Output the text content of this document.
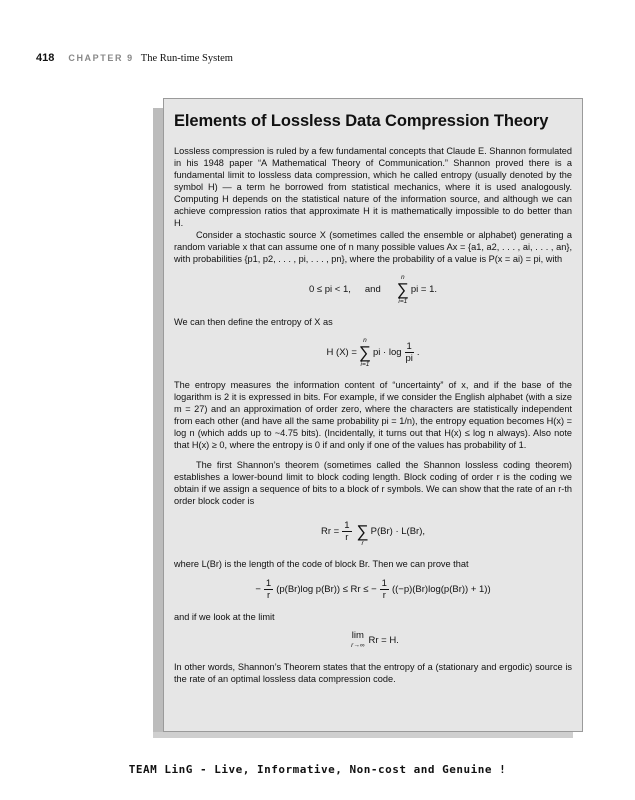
418 CHAPTER 9 The Run-time System
Elements of Lossless Data Compression Theory

Lossless compression is ruled by a few fundamental concepts that Claude E. Shannon formulated in his 1948 paper “A Mathematical Theory of Communication.” Shannon proved there is a fundamental limit to lossless data compression, which he called entropy (usually denoted by the symbol H) — a term he borrowed from statistical mechanics, where it is used analogously. Computing H depends on the statistical nature of the information source, and although we can achieve compression ratios that approximate H it is mathematically impossible to do better than H.

Consider a stochastic source X (sometimes called the ensemble or alphabet) generating a random variable x that can assume one of n many possible values Ax = {a1, a2, . . . , ai, . . . , an}, with probabilities {p1, p2, . . . , pi, . . . , pn}, where the probability of a value is P(x = ai) = pi, with

0 ≤ pi < 1, and
n
∑
i=1
pi = 1.

We can then define the entropy of X as

H (X) =
n
∑
i=1
pi · $\log \frac{1}{pi}$ .

The entropy measures the information content of “uncertainty” of x, and if the base of the logarithm is 2 it is expressed in bits. For example, if we consider the English alphabet (with a size m = 27) and an approximation of order zero, where the characters are statistically independent from each other (and have all the same probability pi = 1/n), the entropy equation becomes H(x) = log n (which adds up to ~4.75 bits). (Incidentally, it turns out that H(x) ≤ log n always). Also note that H(x) ≥ 0, where the entropy is 0 if and only if one of the values has probability of 1.

The first Shannon’s theorem (sometimes called the Shannon lossless coding theorem) establishes a lower-bound limit to block coding length. Block coding of order r is the coding we obtain if we assign a sequence of bits to a block of r symbols. We can show that the rate of an r-th order block coder is

$Rr = \frac{1}{r}$
∑
r
P(Br) · L(Br),

where L(Br) is the length of the code of block Br. Then we can prove that

− $\frac{1}{r} (p(Br)\log$ p(Br)) ≤ Rr ≤ − $\frac{1}{r} ((-p)(Br)\log(p(Br)) + 1)$)

and if we look at the limit

lim
r→∞ Rr = H.

In other words, Shannon’s Theorem states that the entropy of a (stationary and ergodic) source is the rate of an optimal lossless data compression code.

TEAM LinG - Live, Informative, Non-cost and Genuine !
